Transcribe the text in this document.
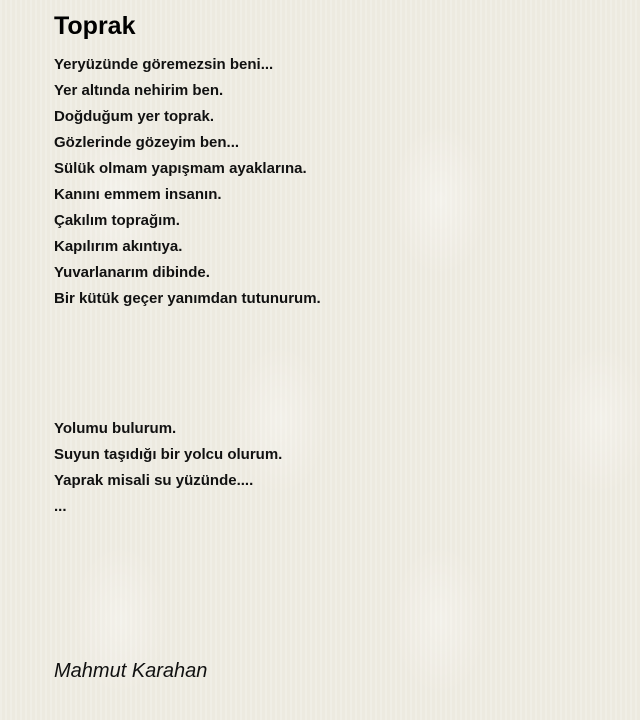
Toprak
Yeryüzünde göremezsin beni...
Yer altında nehirim ben.
Doğduğum yer toprak.
Gözlerinde gözeyim ben...
Sülük olmam yapışmam ayaklarına.
Kanını emmem insanın.
Çakılım toprağım.
Kapılırım akıntıya.
Yuvarlanarım dibinde.
Bir kütük geçer yanımdan tutunurum.
Yolumu bulurum.
Suyun taşıdığı bir yolcu olurum.
Yaprak misali su yüzünde....
...
Mahmut Karahan
